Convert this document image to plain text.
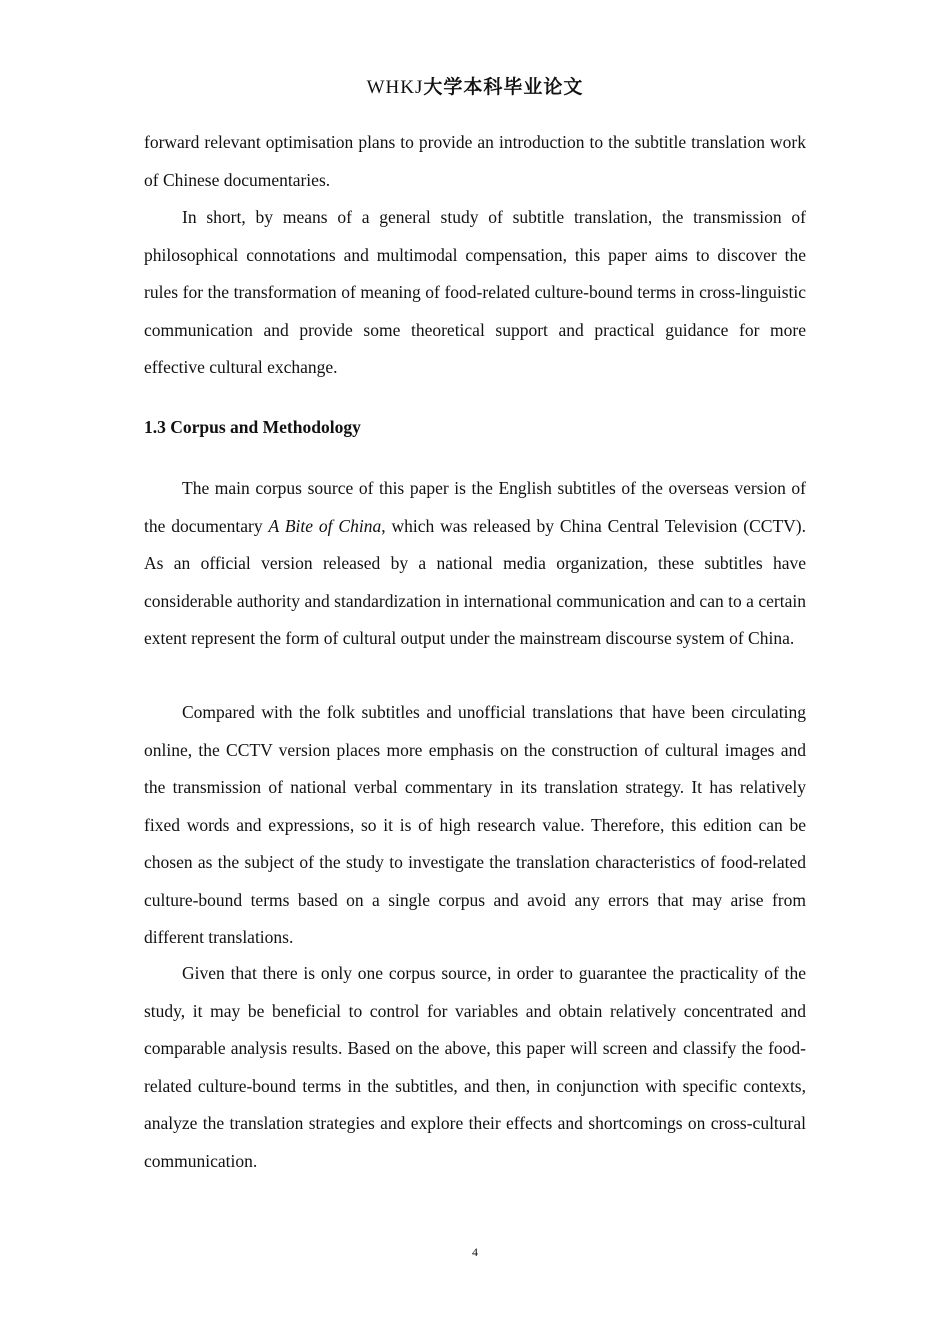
WHKJ大学本科毕业论文

forward relevant optimisation plans to provide an introduction to the subtitle translation work of Chinese documentaries.

In short, by means of a general study of subtitle translation, the transmission of philosophical connotations and multimodal compensation, this paper aims to discover the rules for the transformation of meaning of food-related culture-bound terms in cross-linguistic communication and provide some theoretical support and practical guidance for more effective cultural exchange.

1.3 Corpus and Methodology

The main corpus source of this paper is the English subtitles of the overseas version of the documentary A Bite of China, which was released by China Central Television (CCTV). As an official version released by a national media organization, these subtitles have considerable authority and standardization in international communication and can to a certain extent represent the form of cultural output under the mainstream discourse system of China.

Compared with the folk subtitles and unofficial translations that have been circulating online, the CCTV version places more emphasis on the construction of cultural images and the transmission of national verbal commentary in its translation strategy. It has relatively fixed words and expressions, so it is of high research value. Therefore, this edition can be chosen as the subject of the study to investigate the translation characteristics of food-related culture-bound terms based on a single corpus and avoid any errors that may arise from different translations.

Given that there is only one corpus source, in order to guarantee the practicality of the study, it may be beneficial to control for variables and obtain relatively concentrated and comparable analysis results. Based on the above, this paper will screen and classify the food-related culture-bound terms in the subtitles, and then, in conjunction with specific contexts, analyze the translation strategies and explore their effects and shortcomings on cross-cultural communication.

4
